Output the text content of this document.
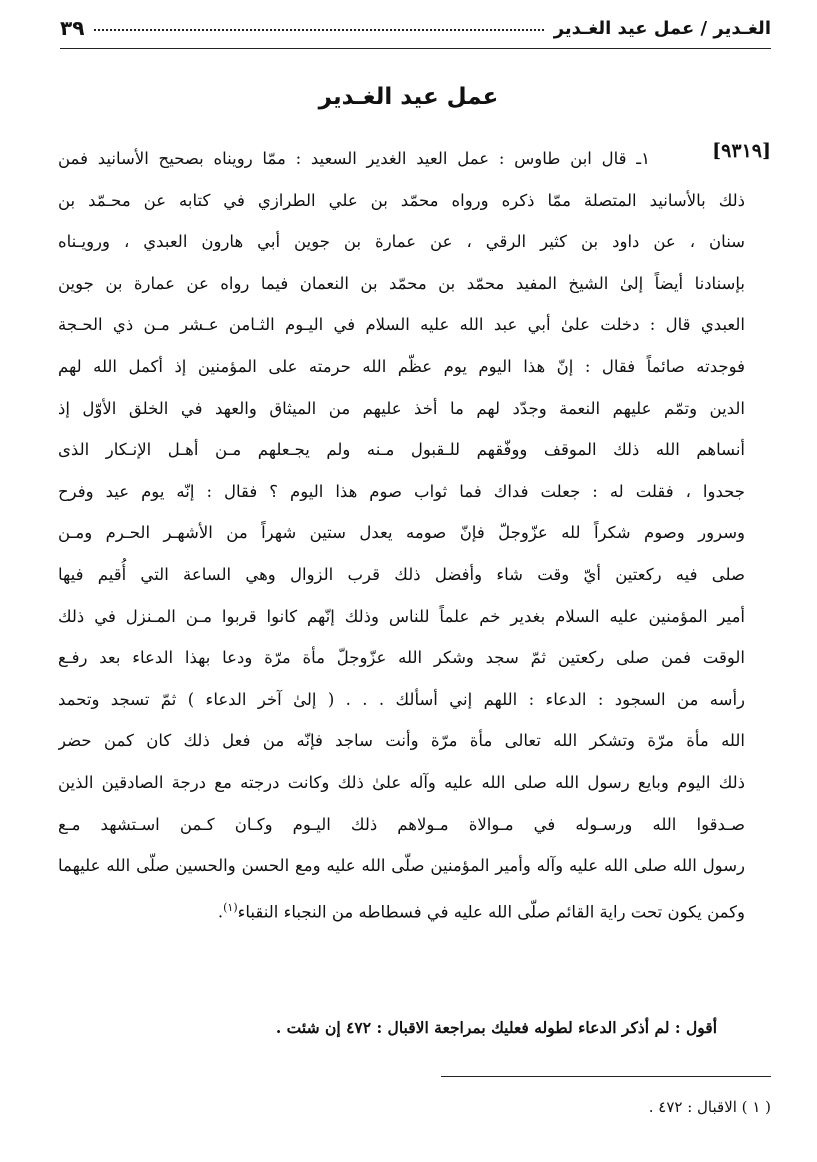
الغـدير / عمل عيد الغـدير
٣٩
عمل عيد الغـدير
[٩٣١٩]
١ـ قال ابن طاوس : عمل العيد الغدير السعيد : ممّا رويناه بصحيح الأسانيد فمن
ذلك بالأسانيد المتصلة ممّا ذكره ورواه محمّد بن علي الطرازي في كتابه عن محـمّد بن
سنان ، عن داود بن كثير الرقي ، عن عمارة بن جوين أبي هارون العبدي ، ورويـناه
بإسنادنا أيضاً إلىٰ الشيخ المفيد محمّد بن محمّد بن النعمان فيما رواه عن عمارة بن جوين
العبدي قال : دخلت علىٰ أبي عبد الله عليه السلام في اليـوم الثـامن عـشر مـن ذي الحـجة
فوجدته صائماً فقال : إنّ هذا اليوم يوم عظّم الله حرمته على المؤمنين إذ أكمل الله لهم
الدين وتمّم عليهم النعمة وجدّد لهم ما أخذ عليهم من الميثاق والعهد في الخلق الأوّل إذ
أنساهم الله ذلك الموقف ووفّقهم للـقبول مـنه ولم يجـعلهم مـن أهـل الإنـكار الذى
جحدوا ، فقلت له : جعلت فداك فما ثواب صوم هذا اليوم ؟ فقال : إنّه يوم عيد وفرح
وسرور وصوم شكراً لله عزّوجلّ فإنّ صومه يعدل ستين شهراً من الأشهـر الحـرم ومـن
صلى فيه ركعتين أيّ وقت شاء وأفضل ذلك قرب الزوال وهي الساعة التي أُقيم فيها
أمير المؤمنين عليه السلام بغدير خم علماً للناس وذلك إنّهم كانوا قربوا مـن المـنزل في ذلك
الوقت فمن صلى ركعتين ثمّ سجد وشكر الله عزّوجلّ مأة مرّة ودعا بهذا الدعاء بعد رفـع
رأسه من السجود : الدعاء : اللهم إني أسألك . . . ( إلىٰ آخر الدعاء ) ثمّ تسجد وتحمد
الله مأة مرّة وتشكر الله تعالى مأة مرّة وأنت ساجد فإنّه من فعل ذلك كان كمن حضر
ذلك اليوم وبايع رسول الله صلى الله عليه وآله علىٰ ذلك وكانت درجته مع درجة الصادقين الذين
صـدقوا الله ورسـوله في مـوالاة مـولاهم ذلك اليـوم وكـان كـمن اسـتشهد مـع
رسول الله صلى الله عليه وآله وأمير المؤمنين صلّى الله عليه ومع الحسن والحسين صلّى الله عليهما
وكمن يكون تحت راية القائم صلّى الله عليه في فسطاطه من النجباء النقباء$^{(١)}$.
أقول : لم أذكر الدعاء لطوله فعليك بمراجعة الاقبال : ٤٧٢ إن شئت .
( ١ ) الاقبال : ٤٧٢ .
